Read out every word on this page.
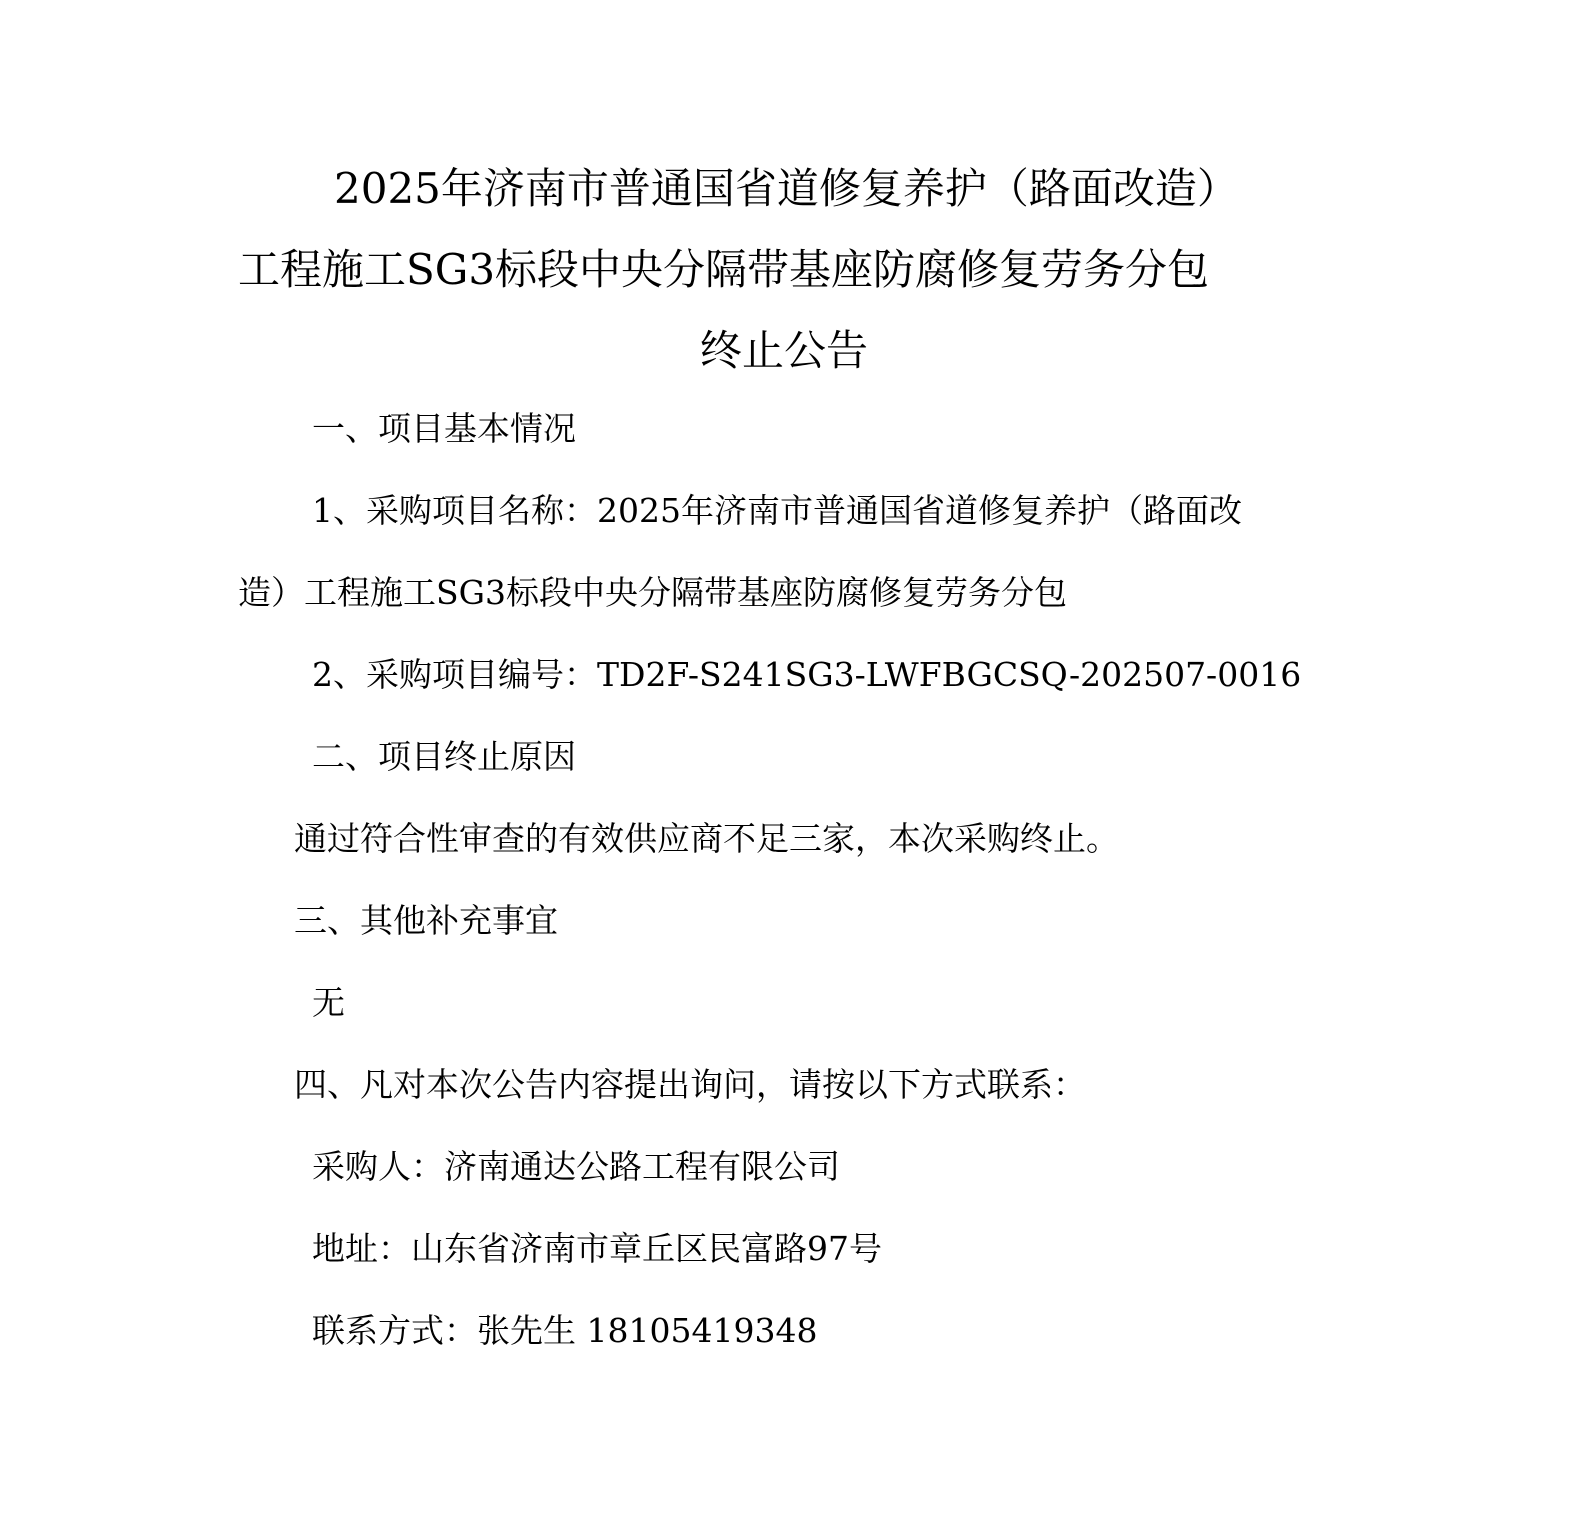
2025年济南市普通国省道修复养护（路面改造）
工程施工SG3标段中央分隔带基座防腐修复劳务分包
终止公告

一、项目基本情况

1、采购项目名称：2025年济南市普通国省道修复养护（路面改

造）工程施工SG3标段中央分隔带基座防腐修复劳务分包

2、采购项目编号：TD2F-S241SG3-LWFBGCSQ-202507-0016

二、项目终止原因

通过符合性审查的有效供应商不足三家，本次采购终止。

三、其他补充事宜

无

四、凡对本次公告内容提出询问，请按以下方式联系：

采购人：济南通达公路工程有限公司

地址：山东省济南市章丘区民富路97号

联系方式：张先生 18105419348
